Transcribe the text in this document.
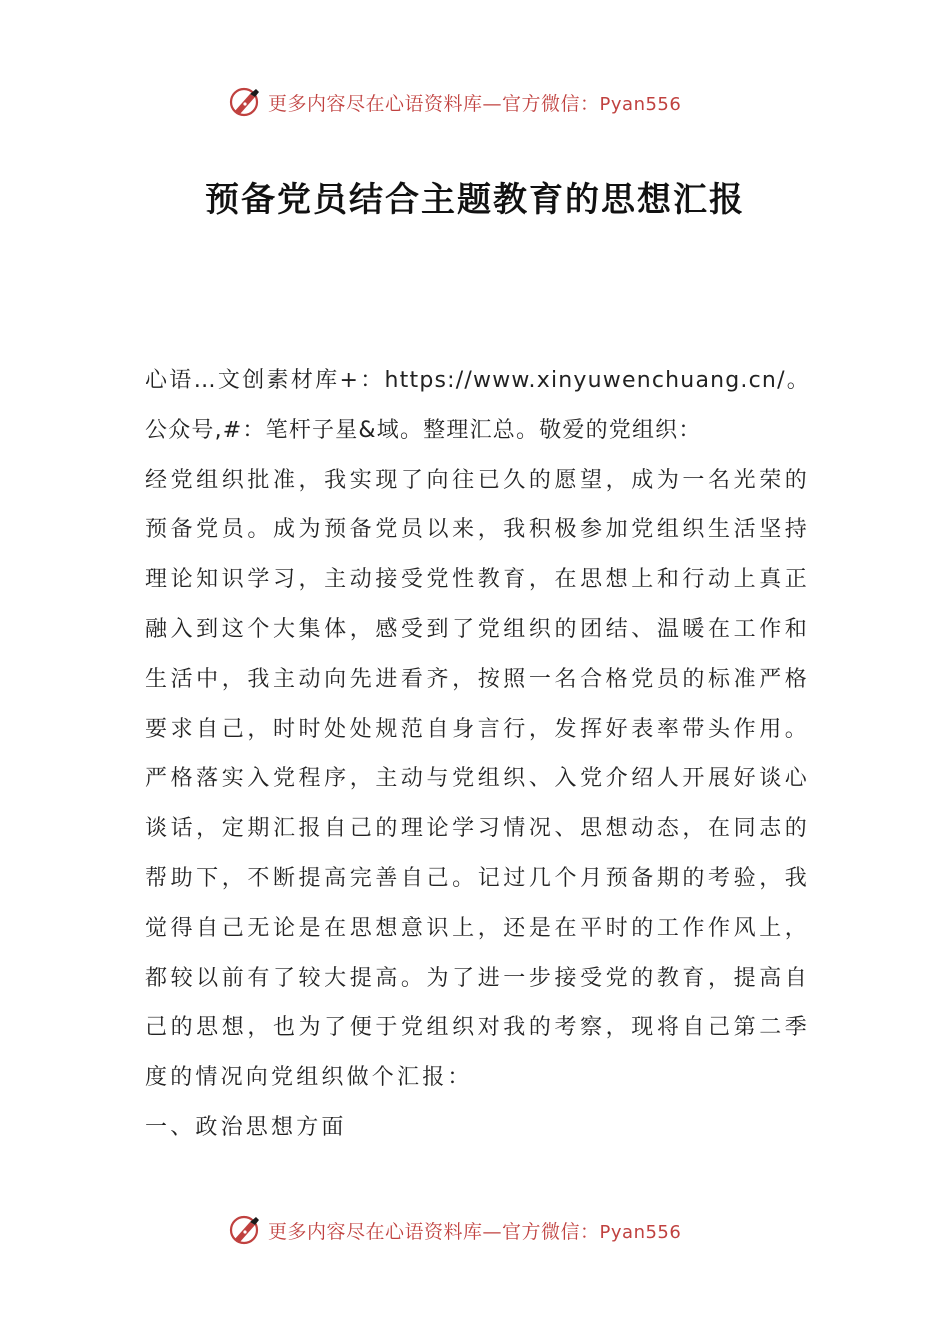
更多内容尽在心语资料库—官方微信：Pyan556
预备党员结合主题教育的思想汇报

心语…文创素材库+：https://www.xinyuwenchuang.cn/。公众号,#：笔杆子星&域。整理汇总。敬爱的党组织：

经党组织批准，我实现了向往已久的愿望，成为一名光荣的预备党员。成为预备党员以来，我积极参加党组织生活坚持理论知识学习，主动接受党性教育，在思想上和行动上真正融入到这个大集体，感受到了党组织的团结、温暖在工作和生活中，我主动向先进看齐，按照一名合格党员的标准严格要求自己，时时处处规范自身言行，发挥好表率带头作用。严格落实入党程序，主动与党组织、入党介绍人开展好谈心谈话，定期汇报自己的理论学习情况、思想动态，在同志的帮助下，不断提高完善自己。记过几个月预备期的考验，我觉得自己无论是在思想意识上，还是在平时的工作作风上，都较以前有了较大提高。为了进一步接受党的教育，提高自己的思想，也为了便于党组织对我的考察，现将自己第二季度的情况向党组织做个汇报：

一、政治思想方面

更多内容尽在心语资料库—官方微信：Pyan556
